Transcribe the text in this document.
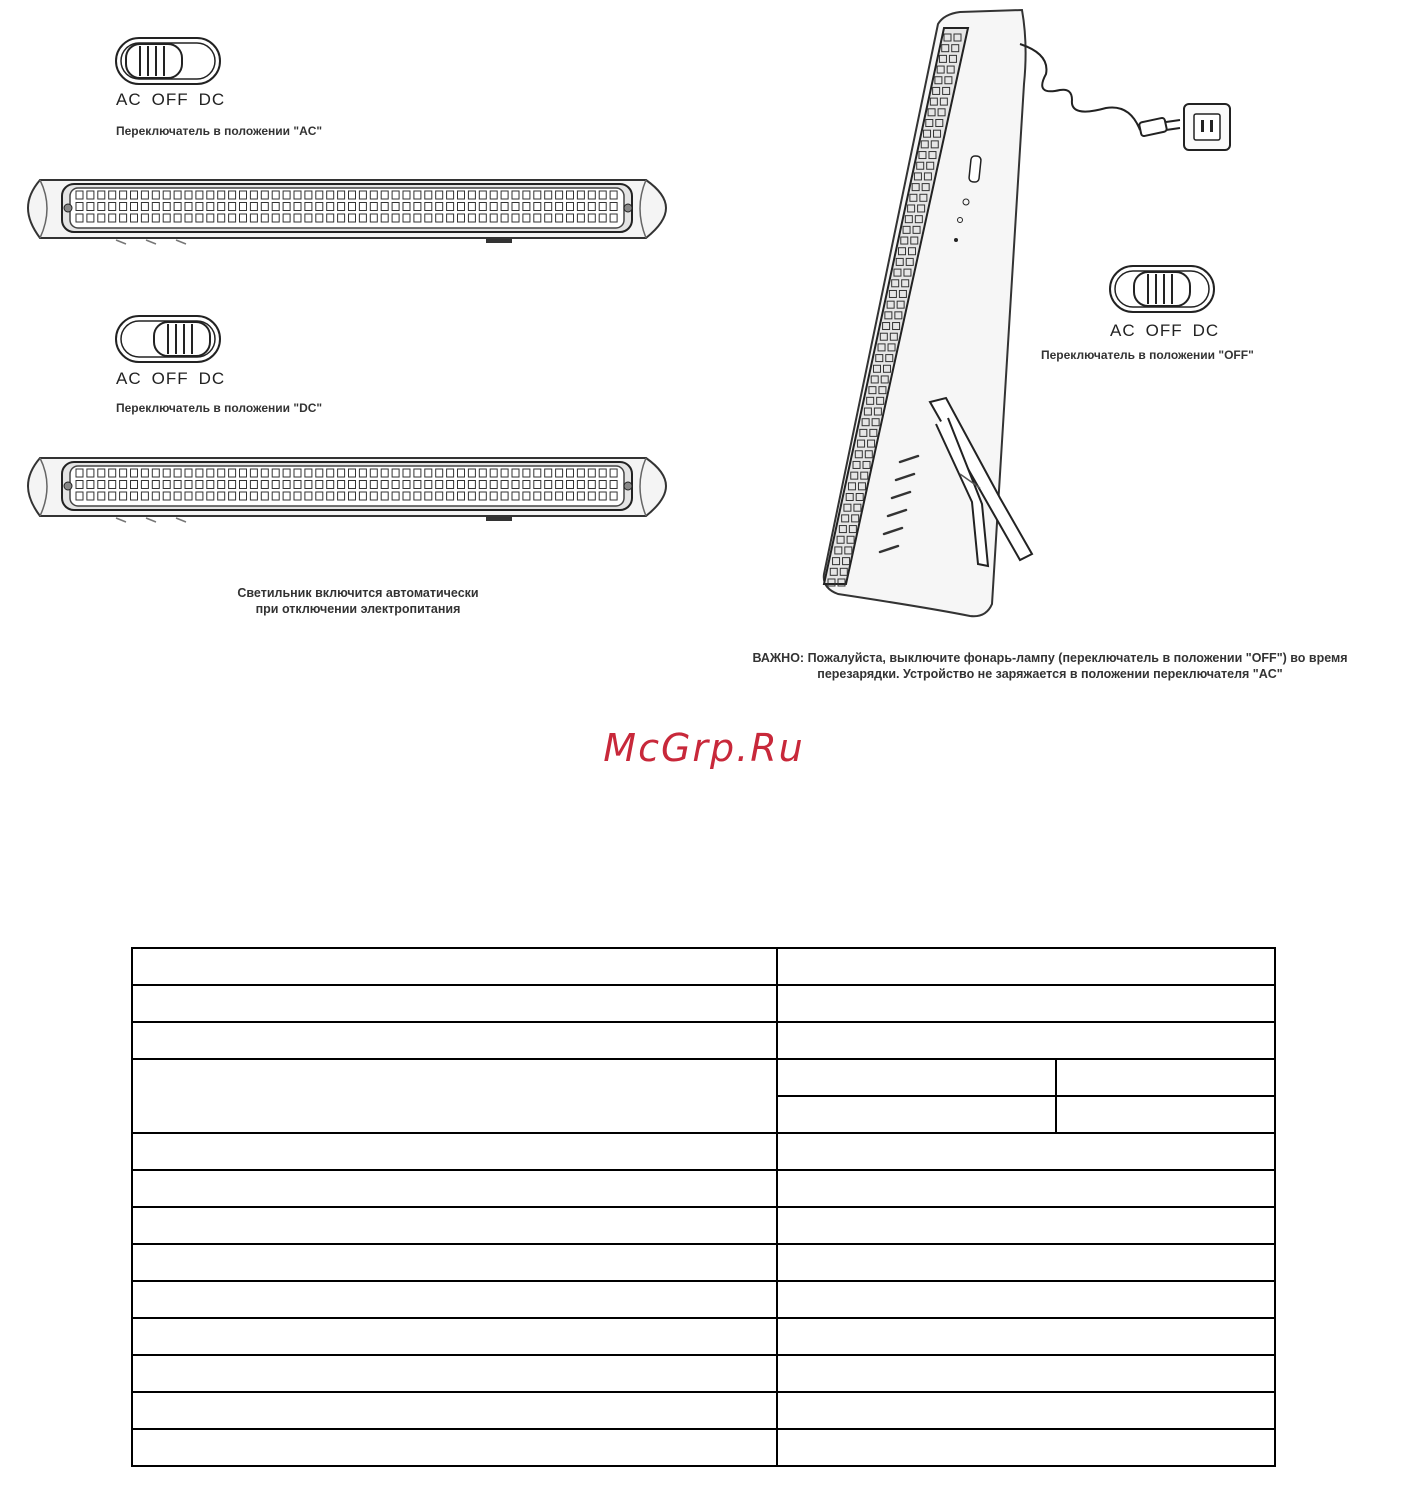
AC OFF DC
Переключатель в положении "AC"
AC OFF DC
Переключатель в положении "DC"
Светильник включится автоматически
при отключении электропитания
AC OFF DC
Переключатель в положении "OFF"
ВАЖНО: Пожалуйста, выключите фонарь-лампу (переключатель в положении "OFF") во время
перезарядки. Устройство не заряжается в положении переключателя "AC"
McGrp.Ru
